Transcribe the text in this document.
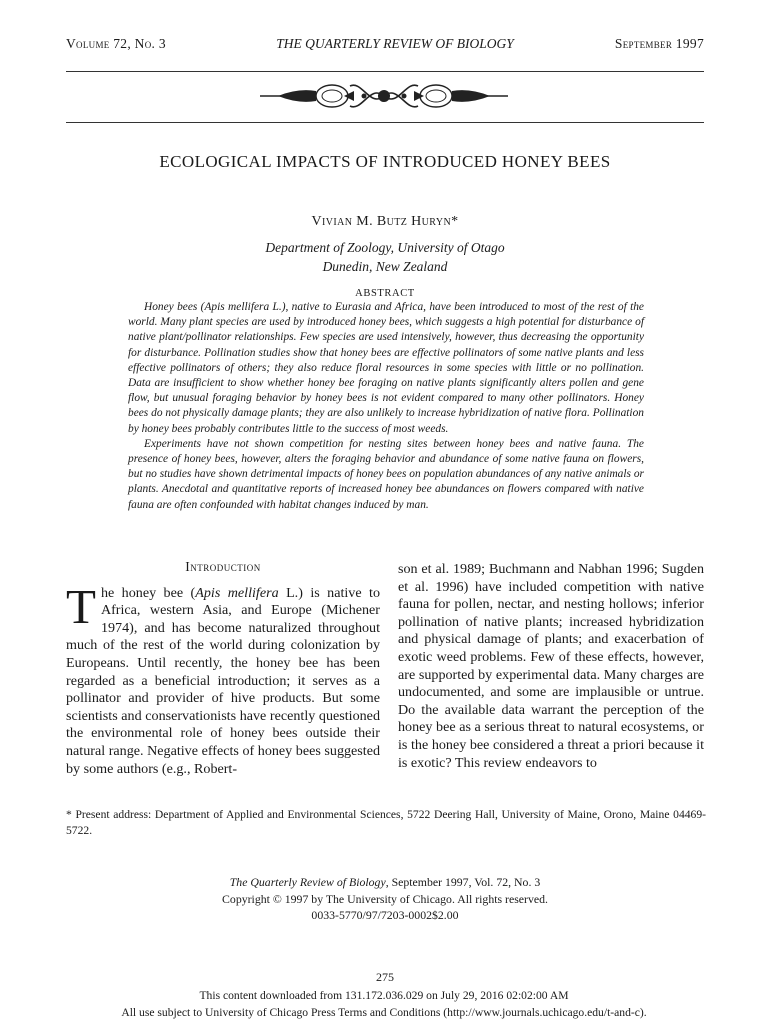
Volume 72, No. 3	THE QUARTERLY REVIEW OF BIOLOGY	September 1997
ECOLOGICAL IMPACTS OF INTRODUCED HONEY BEES
Vivian M. Butz Huryn*
Department of Zoology, University of Otago
Dunedin, New Zealand
ABSTRACT

Honey bees (Apis mellifera L.), native to Eurasia and Africa, have been introduced to most of the rest of the world. Many plant species are used by introduced honey bees, which suggests a high potential for disturbance of native plant/pollinator relationships. Few species are used intensively, however, thus decreasing the opportunity for disturbance. Pollination studies show that honey bees are effective pollinators of some native plants and less effective pollinators of others; they also reduce floral resources in some species with little or no pollination. Data are insufficient to show whether honey bee foraging on native plants significantly alters pollen and gene flow, but unusual foraging behavior by honey bees is not evident compared to many other pollinators. Honey bees do not physically damage plants; they are also unlikely to increase hybridization of native flora. Pollination by honey bees probably contributes little to the success of most weeds.

Experiments have not shown competition for nesting sites between honey bees and native fauna. The presence of honey bees, however, alters the foraging behavior and abundance of some native fauna on flowers, but no studies have shown detrimental impacts of honey bees on population abundances of any native animals or plants. Anecdotal and quantitative reports of increased honey bee abundances on flowers compared with native fauna are often confounded with habitat changes induced by man.

Introduction

The honey bee (Apis mellifera L.) is native to Africa, western Asia, and Europe (Michener 1974), and has become naturalized throughout much of the rest of the world during colonization by Europeans. Until recently, the honey bee has been regarded as a beneficial introduction; it serves as a pollinator and provider of hive products. But some scientists and conservationists have recently questioned the environmental role of honey bees outside their natural range. Negative effects of honey bees suggested by some authors (e.g., Robert-

son et al. 1989; Buchmann and Nabhan 1996; Sugden et al. 1996) have included competition with native fauna for pollen, nectar, and nesting hollows; inferior pollination of native plants; increased hybridization and physical damage of plants; and exacerbation of exotic weed problems. Few of these effects, however, are supported by experimental data. Many charges are undocumented, and some are implausible or untrue. Do the available data warrant the perception of the honey bee as a serious threat to natural ecosystems, or is the honey bee considered a threat a priori because it is exotic? This review endeavors to

* Present address: Department of Applied and Environmental Sciences, 5722 Deering Hall, University of Maine, Orono, Maine 04469-5722.
The Quarterly Review of Biology, September 1997, Vol. 72, No. 3
Copyright © 1997 by The University of Chicago. All rights reserved.
0033-5770/97/7203-0002$2.00
275
This content downloaded from 131.172.036.029 on July 29, 2016 02:02:00 AM
All use subject to University of Chicago Press Terms and Conditions (http://www.journals.uchicago.edu/t-and-c).
